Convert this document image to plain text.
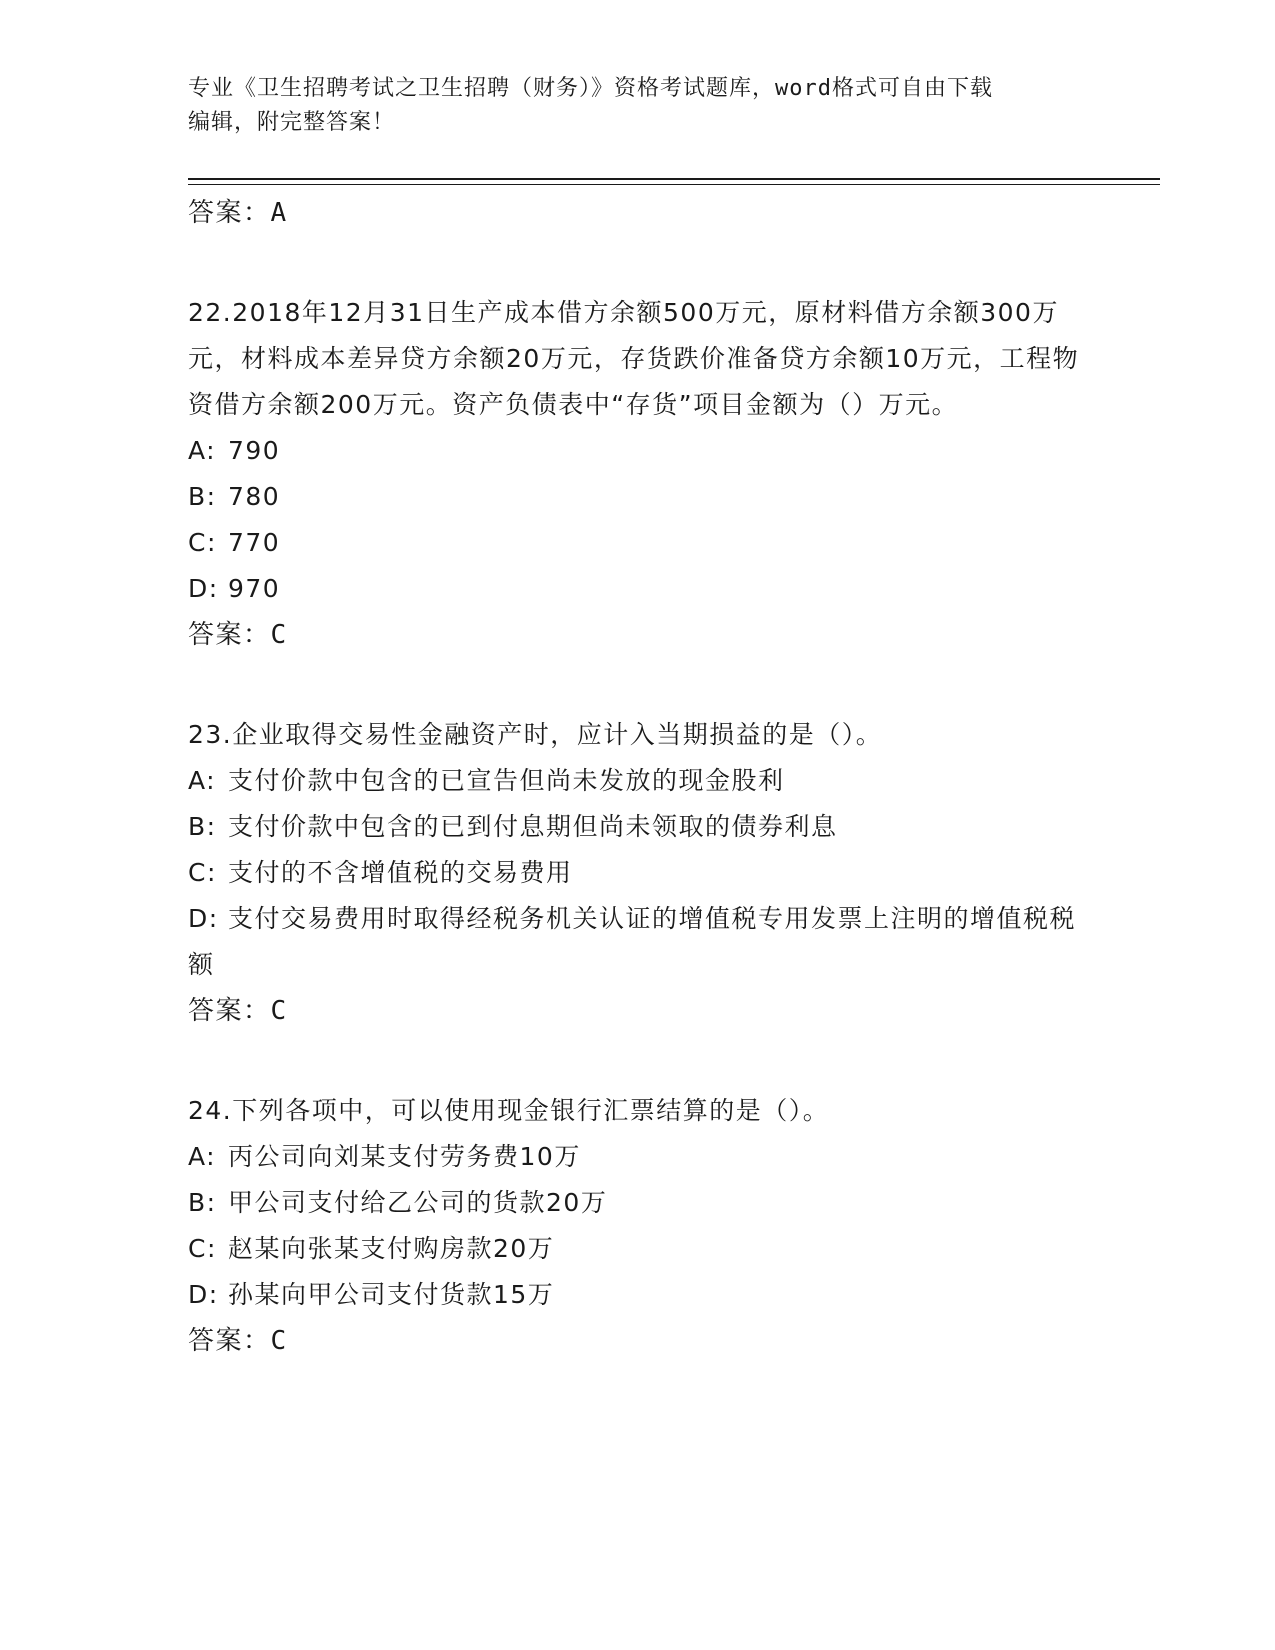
专业《卫生招聘考试之卫生招聘（财务）》资格考试题库，word格式可自由下载
编辑，附完整答案！
答案：A

22.2018年12月31日生产成本借方余额500万元，原材料借方余额300万元，材料成本差异贷方余额20万元，存货跌价准备贷方余额10万元，工程物资借方余额200万元。资产负债表中“存货”项目金额为（）万元。

A: 790

B: 780

C: 770

D: 970

答案：C

23.企业取得交易性金融资产时，应计入当期损益的是（）。

A: 支付价款中包含的已宣告但尚未发放的现金股利

B: 支付价款中包含的已到付息期但尚未领取的债券利息

C: 支付的不含增值税的交易费用

D: 支付交易费用时取得经税务机关认证的增值税专用发票上注明的增值税税额

答案：C

24.下列各项中，可以使用现金银行汇票结算的是（）。

A: 丙公司向刘某支付劳务费10万

B: 甲公司支付给乙公司的货款20万

C: 赵某向张某支付购房款20万

D: 孙某向甲公司支付货款15万

答案：C
